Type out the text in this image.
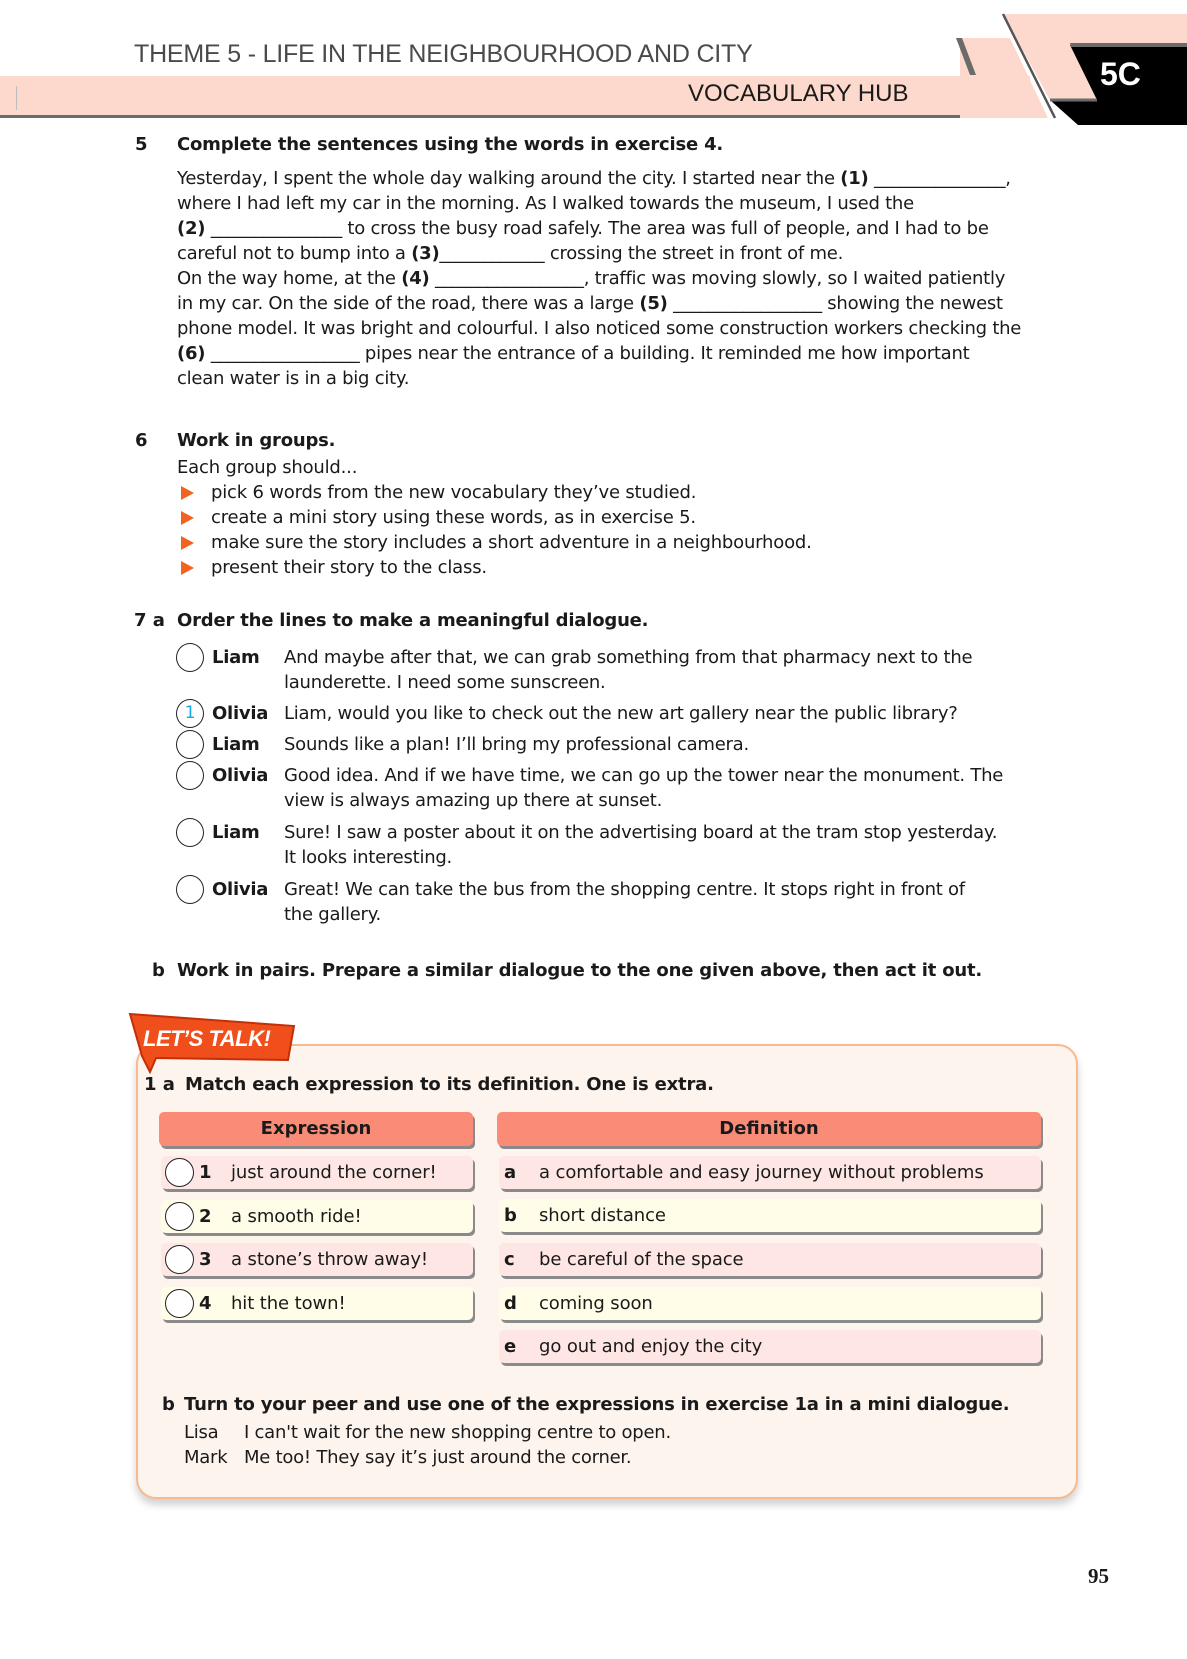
THEME 5 - LIFE IN THE NEIGHBOURHOOD AND CITY
VOCABULARY HUB
5C
5 Complete the sentences using the words in exercise 4.

Yesterday, I spent the whole day walking around the city. I started near the (1) _______________,

where I had left my car in the morning. As I walked towards the museum, I used the

(2) _______________ to cross the busy road safely. The area was full of people, and I had to be

careful not to bump into a (3)____________ crossing the street in front of me.

On the way home, at the (4) _________________, traffic was moving slowly, so I waited patiently

in my car. On the side of the road, there was a large (5) _________________ showing the newest

phone model. It was bright and colourful. I also noticed some construction workers checking the

(6) _________________ pipes near the entrance of a building. It reminded me how important

clean water is in a big city.

6 Work in groups.

Each group should...

pick 6 words from the new vocabulary they’ve studied.
create a mini story using these words, as in exercise 5.
make sure the story includes a short adventure in a neighbourhood.
present their story to the class.
7 a Order the lines to make a meaningful dialogue.
Liam And maybe after that, we can grab something from that pharmacy next to the

launderette. I need some sunscreen.

1 Olivia Liam, would you like to check out the new art gallery near the public library?

Liam Sounds like a plan! I’ll bring my professional camera.

Olivia Good idea. And if we have time, we can go up the tower near the monument. The

view is always amazing up there at sunset.

Liam Sure! I saw a poster about it on the advertising board at the tram stop yesterday.

It looks interesting.

Olivia Great! We can take the bus from the shopping centre. It stops right in front of

the gallery.

b Work in pairs. Prepare a similar dialogue to the one given above, then act it out.
LET’S TALK!
1 a Match each expression to its definition. One is extra.
Expression
1 just around the corner!
2 a smooth ride!
3 a stone’s throw away!
4 hit the town!
Definition
a a comfortable and easy journey without problems
b short distance
c be careful of the space
d coming soon
e go out and enjoy the city
b Turn to your peer and use one of the expressions in exercise 1a in a mini dialogue.
Lisa I can't wait for the new shopping centre to open.
Mark Me too! They say it’s just around the corner.
95
